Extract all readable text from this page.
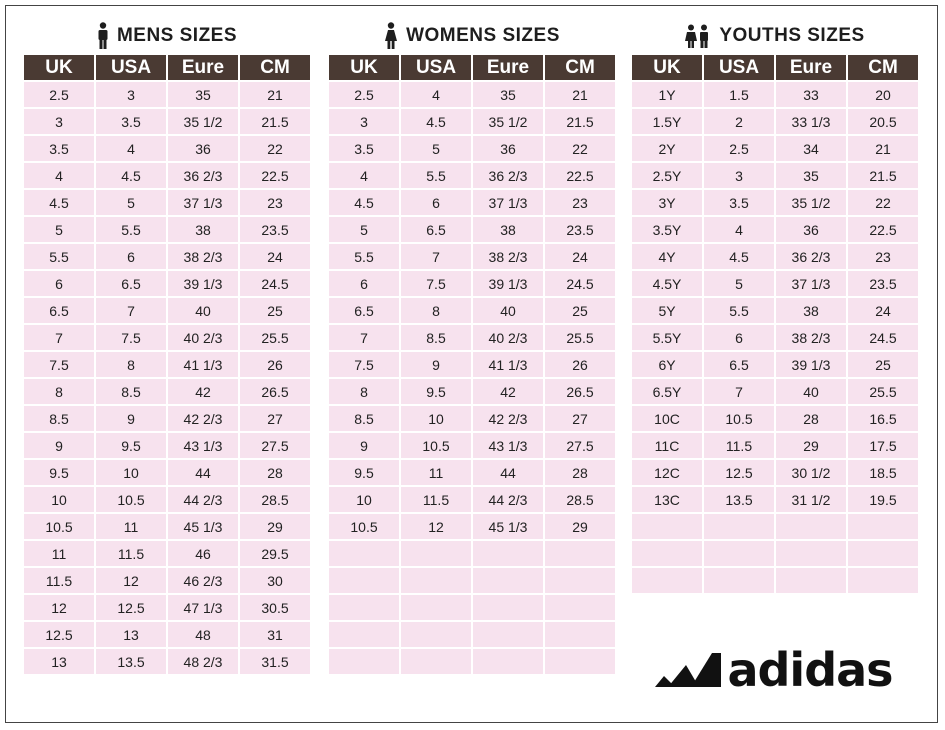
MENS SIZES
UK	USA	Eure	CM
2.5	3	35	21
3	3.5	35 1/2	21.5
3.5	4	36	22
4	4.5	36 2/3	22.5
4.5	5	37 1/3	23
5	5.5	38	23.5
5.5	6	38 2/3	24
6	6.5	39 1/3	24.5
6.5	7	40	25
7	7.5	40 2/3	25.5
7.5	8	41 1/3	26
8	8.5	42	26.5
8.5	9	42 2/3	27
9	9.5	43 1/3	27.5
9.5	10	44	28
10	10.5	44 2/3	28.5
10.5	11	45 1/3	29
11	11.5	46	29.5
11.5	12	46 2/3	30
12	12.5	47 1/3	30.5
12.5	13	48	31
13	13.5	48 2/3	31.5
WOMENS SIZES
UK	USA	Eure	CM
2.5	4	35	21
3	4.5	35 1/2	21.5
3.5	5	36	22
4	5.5	36 2/3	22.5
4.5	6	37 1/3	23
5	6.5	38	23.5
5.5	7	38 2/3	24
6	7.5	39 1/3	24.5
6.5	8	40	25
7	8.5	40 2/3	25.5
7.5	9	41 1/3	26
8	9.5	42	26.5
8.5	10	42 2/3	27
9	10.5	43 1/3	27.5
9.5	11	44	28
10	11.5	44 2/3	28.5
10.5	12	45 1/3	29

YOUTHS SIZES
UK	USA	Eure	CM
1Y	1.5	33	20
1.5Y	2	33 1/3	20.5
2Y	2.5	34	21
2.5Y	3	35	21.5
3Y	3.5	35 1/2	22
3.5Y	4	36	22.5
4Y	4.5	36 2/3	23
4.5Y	5	37 1/3	23.5
5Y	5.5	38	24
5.5Y	6	38 2/3	24.5
6Y	6.5	39 1/3	25
6.5Y	7	40	25.5
10C	10.5	28	16.5
11C	11.5	29	17.5
12C	12.5	30 1/2	18.5
13C	13.5	31 1/2	19.5

adidas
